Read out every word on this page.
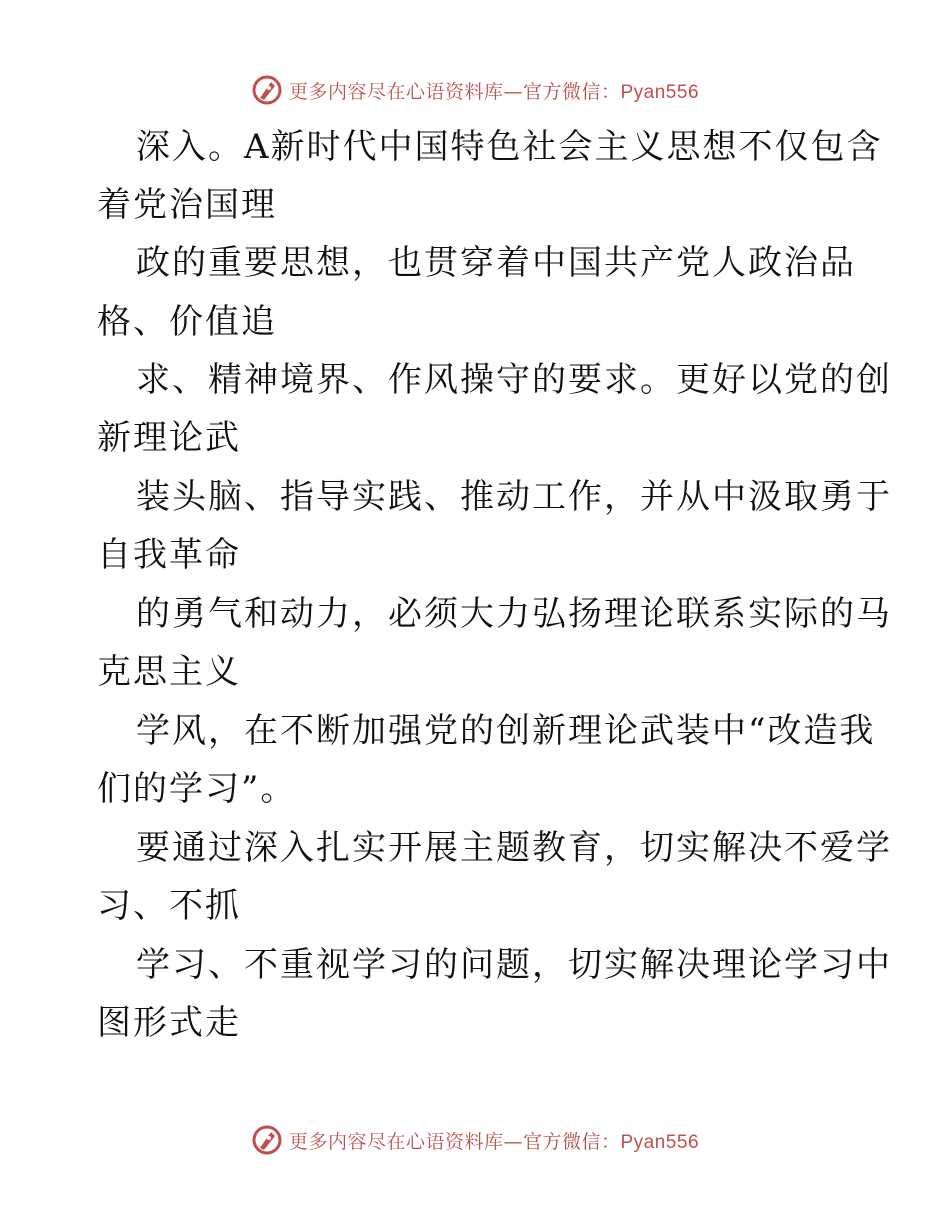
更多内容尽在心语资料库—官方微信：Pyan556
深入。A新时代中国特色社会主义思想不仅包含
着党治国理
政的重要思想，也贯穿着中国共产党人政治品
格、价值追
求、精神境界、作风操守的要求。更好以党的创
新理论武
装头脑、指导实践、推动工作，并从中汲取勇于
自我革命
的勇气和动力，必须大力弘扬理论联系实际的马
克思主义
学风，在不断加强党的创新理论武装中“改造我
们的学习”。
要通过深入扎实开展主题教育，切实解决不爱学
习、不抓
学习、不重视学习的问题，切实解决理论学习中
图形式走
更多内容尽在心语资料库—官方微信：Pyan556
